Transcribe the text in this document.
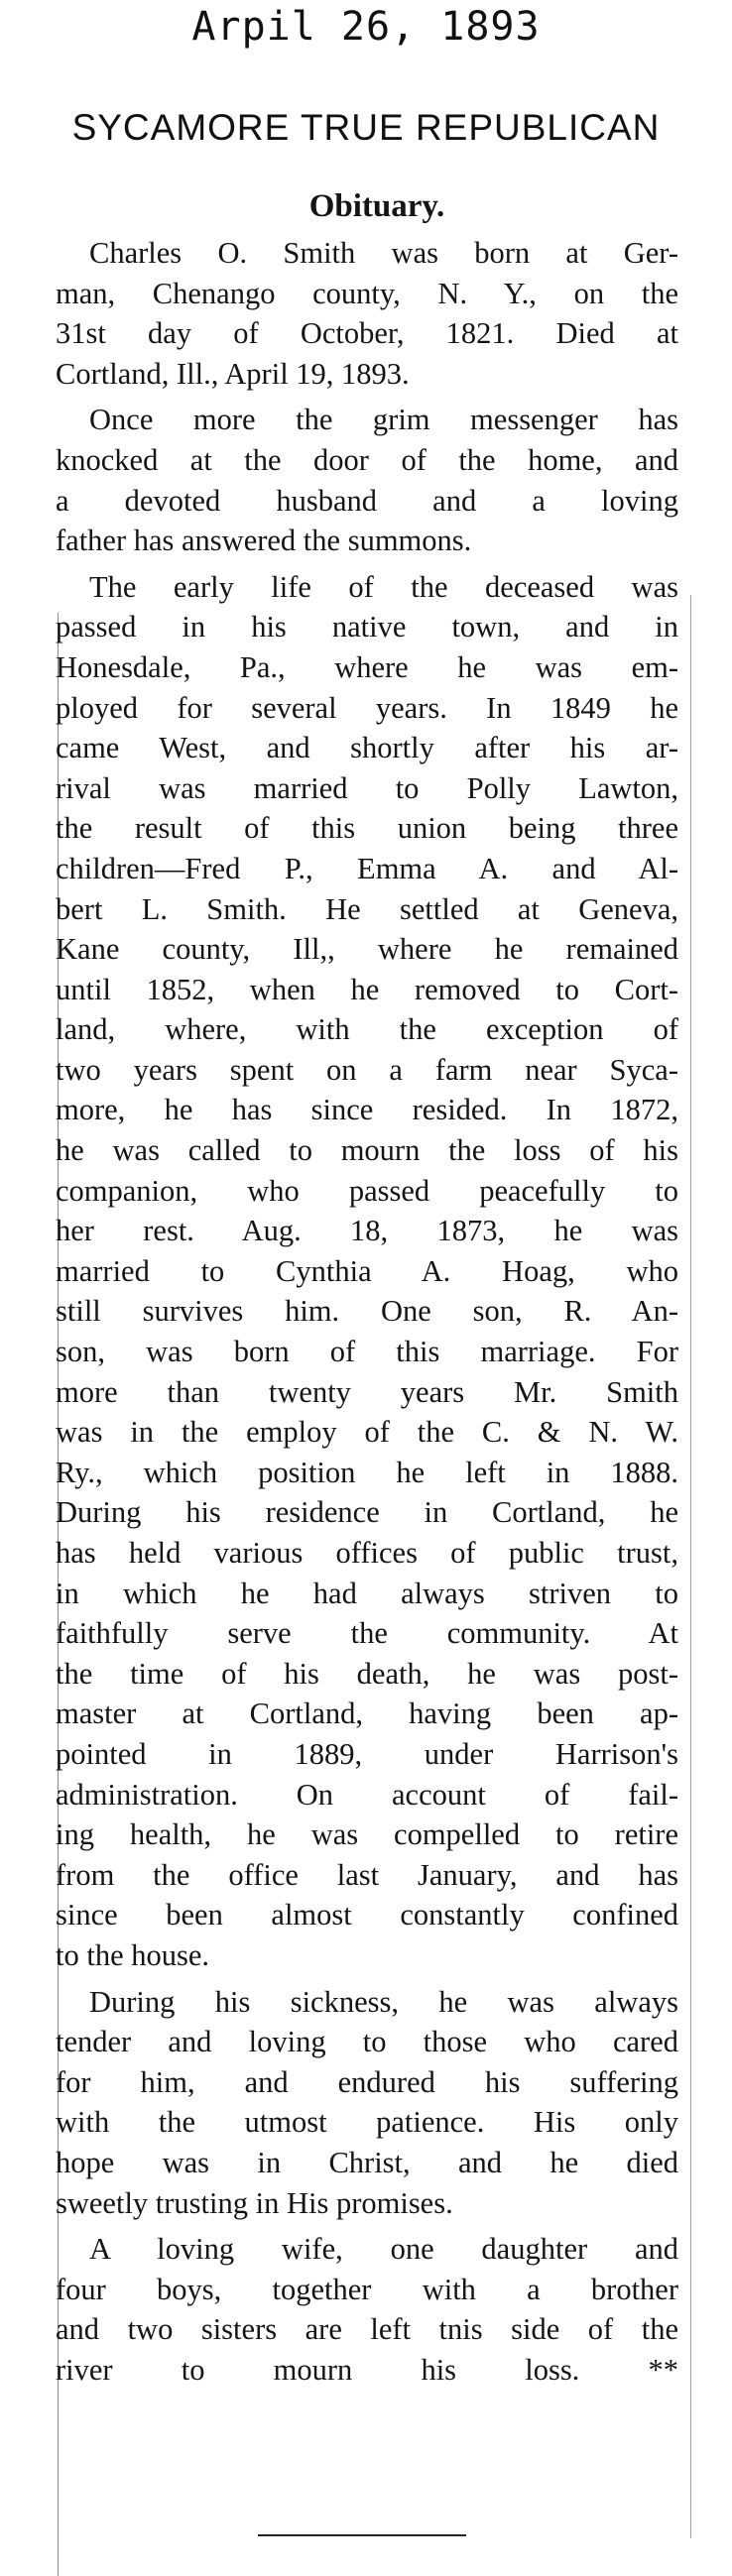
Arpil 26, 1893
SYCAMORE TRUE REPUBLICAN
Obituary.
Charles O. Smith was born at Ger-
man, Chenango county, N. Y., on the
31st day of October, 1821. Died at
Cortland, Ill., April 19, 1893.
Once more the grim messenger has
knocked at the door of the home, and
a devoted husband and a loving
father has answered the summons.
The early life of the deceased was
passed in his native town, and in
Honesdale, Pa., where he was em-
ployed for several years. In 1849 he
came West, and shortly after his ar-
rival was married to Polly Lawton,
the result of this union being three
children—Fred P., Emma A. and Al-
bert L. Smith. He settled at Geneva,
Kane county, Ill,, where he remained
until 1852, when he removed to Cort-
land, where, with the exception of
two years spent on a farm near Syca-
more, he has since resided. In 1872,
he was called to mourn the loss of his
companion, who passed peacefully to
her rest. Aug. 18, 1873, he was
married to Cynthia A. Hoag, who
still survives him. One son, R. An-
son, was born of this marriage. For
more than twenty years Mr. Smith
was in the employ of the C. & N. W.
Ry., which position he left in 1888.
During his residence in Cortland, he
has held various offices of public trust,
in which he had always striven to
faithfully serve the community. At
the time of his death, he was post-
master at Cortland, having been ap-
pointed in 1889, under Harrison's
administration. On account of fail-
ing health, he was compelled to retire
from the office last January, and has
since been almost constantly confined
to the house.
During his sickness, he was always
tender and loving to those who cared
for him, and endured his suffering
with the utmost patience. His only
hope was in Christ, and he died
sweetly trusting in His promises.
A loving wife, one daughter and
four boys, together with a brother
and two sisters are left tnis side of the
river to mourn his loss. **
